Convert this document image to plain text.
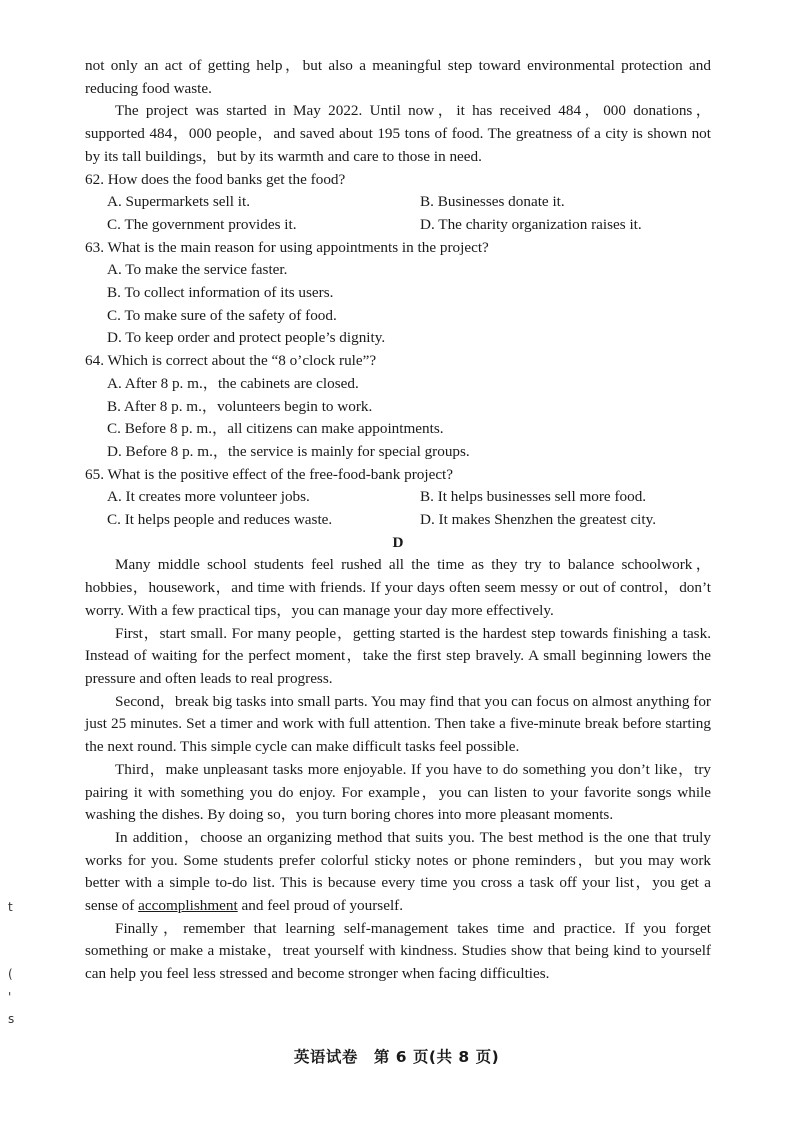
not only an act of getting help，but also a meaningful step toward environmental protection and reducing food waste.

The project was started in May 2022. Until now，it has received 484，000 donations，supported 484，000 people，and saved about 195 tons of food. The greatness of a city is shown not by its tall buildings，but by its warmth and care to those in need.

62. How does the food banks get the food?

A. Supermarkets sell it.	B. Businesses donate it.

C. The government provides it.	D. The charity organization raises it.

63. What is the main reason for using appointments in the project?

A. To make the service faster.

B. To collect information of its users.

C. To make sure of the safety of food.

D. To keep order and protect people’s dignity.

64. Which is correct about the “8 o’clock rule”?

A. After 8 p. m.，the cabinets are closed.

B. After 8 p. m.，volunteers begin to work.

C. Before 8 p. m.，all citizens can make appointments.

D. Before 8 p. m.，the service is mainly for special groups.

65. What is the positive effect of the free-food-bank project?

A. It creates more volunteer jobs.	B. It helps businesses sell more food.

C. It helps people and reduces waste.	D. It makes Shenzhen the greatest city.

D

Many middle school students feel rushed all the time as they try to balance schoolwork，hobbies，housework，and time with friends. If your days often seem messy or out of control，don’t worry. With a few practical tips，you can manage your day more effectively.

First，start small. For many people，getting started is the hardest step towards finishing a task. Instead of waiting for the perfect moment，take the first step bravely. A small beginning lowers the pressure and often leads to real progress.

Second，break big tasks into small parts. You may find that you can focus on almost anything for just 25 minutes. Set a timer and work with full attention. Then take a five-minute break before starting the next round. This simple cycle can make difficult tasks feel possible.

Third，make unpleasant tasks more enjoyable. If you have to do something you don’t like，try pairing it with something you do enjoy. For example，you can listen to your favorite songs while washing the dishes. By doing so，you turn boring chores into more pleasant moments.

In addition，choose an organizing method that suits you. The best method is the one that truly works for you. Some students prefer colorful sticky notes or phone reminders，but you may work better with a simple to-do list. This is because every time you cross a task off your list，you get a sense of accomplishment and feel proud of yourself.

Finally，remember that learning self-management takes time and practice. If you forget something or make a mistake，treat yourself with kindness. Studies show that being kind to yourself can help you feel less stressed and become stronger when facing difficulties.

t
(
'
s
英语试卷　第 6 页(共 8 页)
